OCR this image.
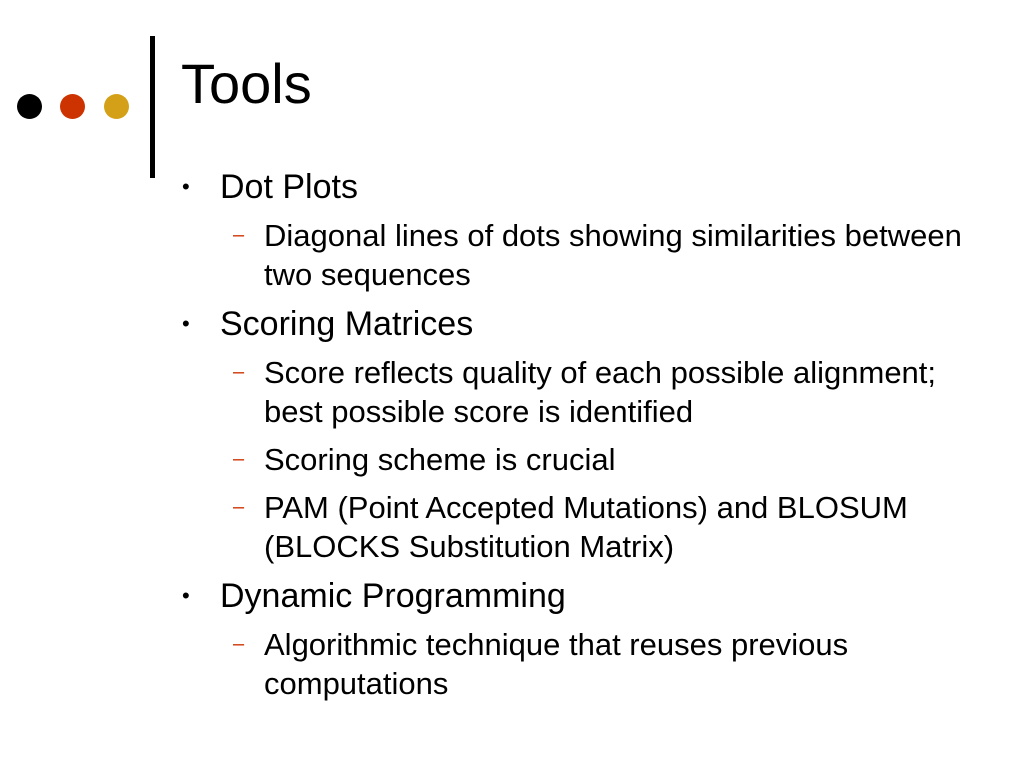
Tools
• Dot Plots
– Diagonal lines of dots showing similarities between two sequences
• Scoring Matrices
– Score reflects quality of each possible alignment; best possible score is identified
– Scoring scheme is crucial
– PAM (Point Accepted Mutations) and BLOSUM (BLOCKS Substitution Matrix)
• Dynamic Programming
– Algorithmic technique that reuses previous computations
